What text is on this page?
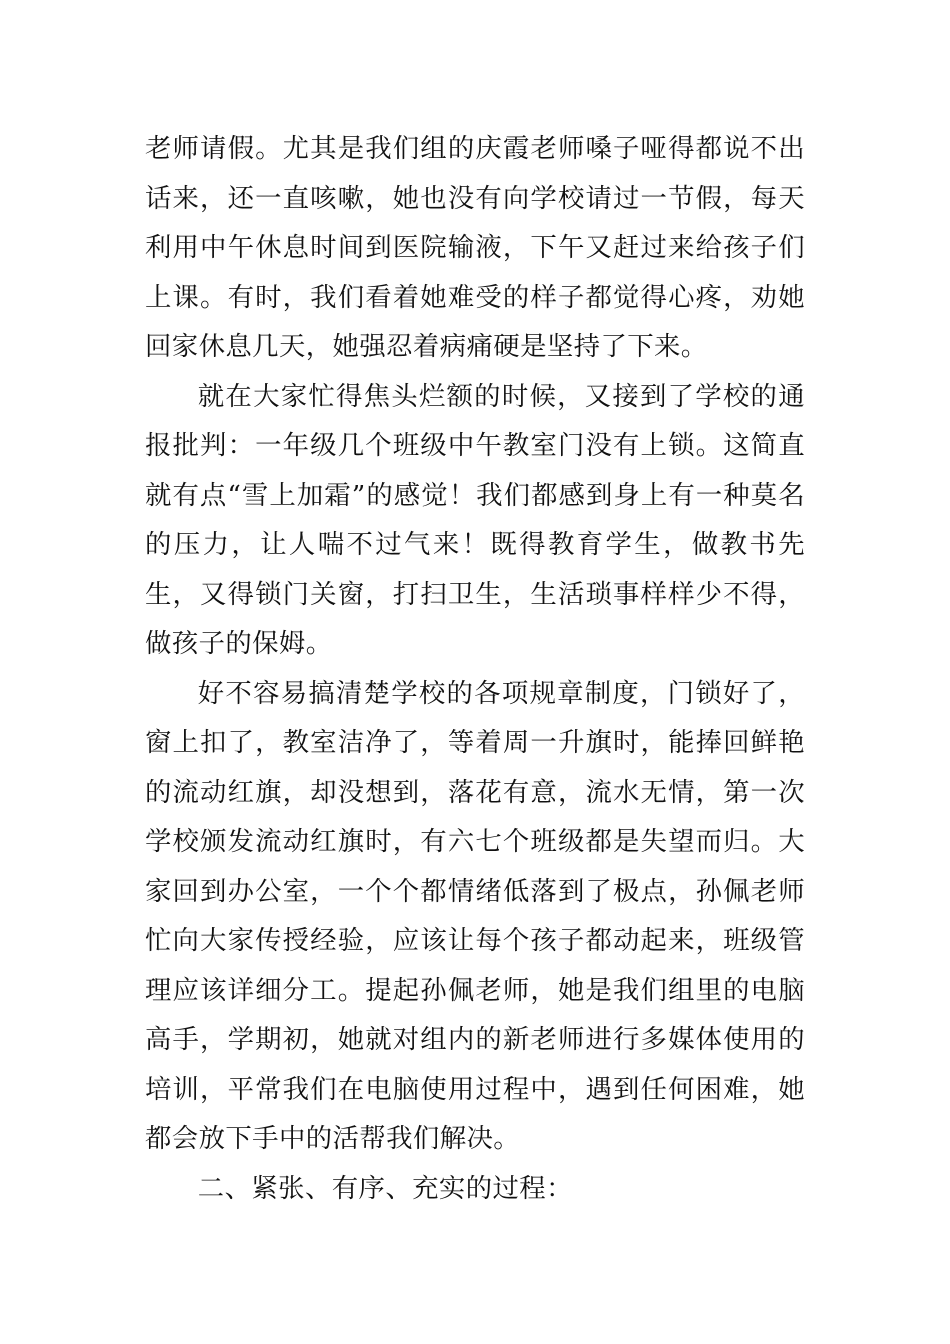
老师请假。尤其是我们组的庆霞老师嗓子哑得都说不出话来，还一直咳嗽，她也没有向学校请过一节假，每天利用中午休息时间到医院输液，下午又赶过来给孩子们上课。有时，我们看着她难受的样子都觉得心疼，劝她回家休息几天，她强忍着病痛硬是坚持了下来。

就在大家忙得焦头烂额的时候，又接到了学校的通报批判：一年级几个班级中午教室门没有上锁。这简直就有点“雪上加霜”的感觉！我们都感到身上有一种莫名的压力，让人喘不过气来！既得教育学生，做教书先生，又得锁门关窗，打扫卫生，生活琐事样样少不得，做孩子的保姆。

好不容易搞清楚学校的各项规章制度，门锁好了，窗上扣了，教室洁净了，等着周一升旗时，能捧回鲜艳的流动红旗，却没想到，落花有意，流水无情，第一次学校颁发流动红旗时，有六七个班级都是失望而归。大家回到办公室，一个个都情绪低落到了极点，孙佩老师忙向大家传授经验，应该让每个孩子都动起来，班级管理应该详细分工。提起孙佩老师，她是我们组里的电脑高手，学期初，她就对组内的新老师进行多媒体使用的培训，平常我们在电脑使用过程中，遇到任何困难，她都会放下手中的活帮我们解决。

二、紧张、有序、充实的过程：
